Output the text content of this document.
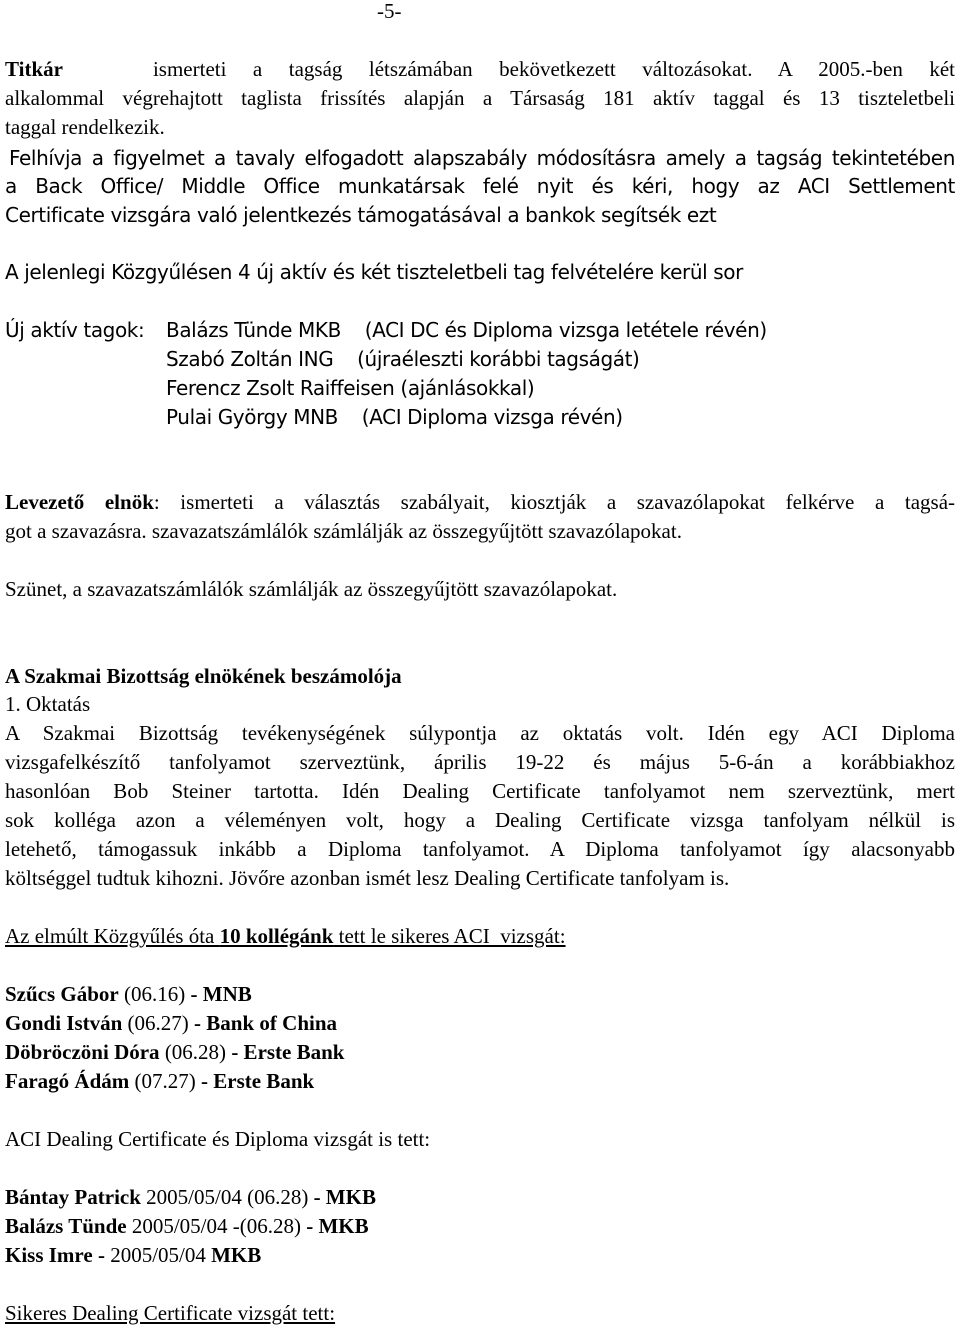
-5-
Titkár	ismerteti a tagság létszámában bekövetkezett változásokat. A 2005.-ben két
alkalommal végrehajtott taglista frissítés alapján a Társaság 181 aktív taggal és 13 tiszteletbeli
taggal rendelkezik.
Felhívja a figyelmet a tavaly elfogadott alapszabály módosításra amely a tagság tekintetében
a Back Office/ Middle Office munkatársak felé nyit és kéri, hogy az ACI Settlement
Certificate vizsgára való jelentkezés támogatásával a bankok segítsék ezt
A jelenlegi Közgyűlésen 4 új aktív és két tiszteletbeli tag felvételére kerül sor
Új aktív tagok: Balázs Tünde MKB    (ACI DC és Diploma vizsga letétele révén)
Szabó Zoltán ING    (újraéleszti korábbi tagságát)
Ferencz Zsolt Raiffeisen (ajánlásokkal)
Pulai György MNB    (ACI Diploma vizsga révén)
Levezető elnök: ismerteti a választás szabályait, kiosztják a szavazólapokat felkérve a tagsá-
got a szavazásra. szavazatszámlálók számlálják az összegyűjtött szavazólapokat.
Szünet, a szavazatszámlálók számlálják az összegyűjtött szavazólapokat.
A Szakmai Bizottság elnökének beszámolója
1. Oktatás
A Szakmai Bizottság tevékenységének súlypontja az oktatás volt. Idén egy ACI Diploma
vizsgafelkészítő tanfolyamot szerveztünk, április 19-22 és május 5-6-án a korábbiakhoz
hasonlóan Bob Steiner tartotta. Idén Dealing Certificate tanfolyamot nem szerveztünk, mert
sok kolléga azon a véleményen volt, hogy a Dealing Certificate vizsga tanfolyam nélkül is
letehető, támogassuk inkább a Diploma tanfolyamot. A Diploma tanfolyamot így alacsonyabb
költséggel tudtuk kihozni. Jövőre azonban ismét lesz Dealing Certificate tanfolyam is.
Az elmúlt Közgyűlés óta 10 kollégánk tett le sikeres ACI  vizsgát:
Szűcs Gábor (06.16) - MNB
Gondi István (06.27) - Bank of China
Döbröczöni Dóra (06.28) - Erste Bank
Faragó Ádám (07.27) - Erste Bank
ACI Dealing Certificate és Diploma vizsgát is tett:
Bántay Patrick 2005/05/04 (06.28) - MKB
Balázs Tünde 2005/05/04 -(06.28) - MKB
Kiss Imre - 2005/05/04 MKB
Sikeres Dealing Certificate vizsgát tett:
